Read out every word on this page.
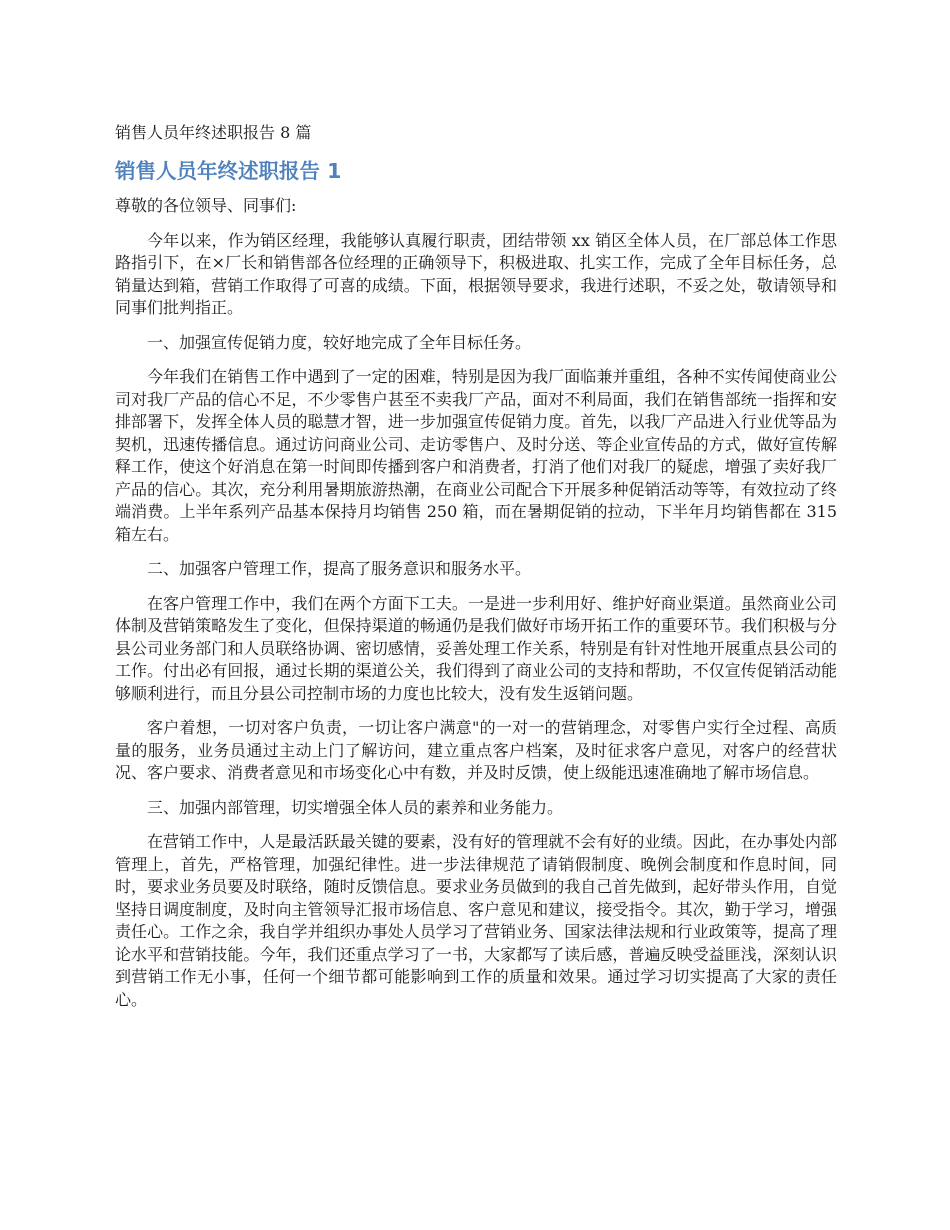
销售人员年终述职报告 8 篇

销售人员年终述职报告 1

尊敬的各位领导、同事们:

今年以来，作为销区经理，我能够认真履行职责，团结带领 xx 销区全体人员，在厂部总体工作思路指引下，在×厂长和销售部各位经理的正确领导下，积极进取、扎实工作，完成了全年目标任务，总销量达到箱，营销工作取得了可喜的成绩。下面，根据领导要求，我进行述职，不妥之处，敬请领导和同事们批判指正。

一、加强宣传促销力度，较好地完成了全年目标任务。

今年我们在销售工作中遇到了一定的困难，特别是因为我厂面临兼并重组，各种不实传闻使商业公司对我厂产品的信心不足，不少零售户甚至不卖我厂产品，面对不利局面，我们在销售部统一指挥和安排部署下，发挥全体人员的聪慧才智，进一步加强宣传促销力度。首先，以我厂产品进入行业优等品为契机，迅速传播信息。通过访问商业公司、走访零售户、及时分送、等企业宣传品的方式，做好宣传解释工作，使这个好消息在第一时间即传播到客户和消费者，打消了他们对我厂的疑虑，增强了卖好我厂产品的信心。其次，充分利用暑期旅游热潮，在商业公司配合下开展多种促销活动等等，有效拉动了终端消费。上半年系列产品基本保持月均销售 250 箱，而在暑期促销的拉动，下半年月均销售都在 315 箱左右。

二、加强客户管理工作，提高了服务意识和服务水平。

在客户管理工作中，我们在两个方面下工夫。一是进一步利用好、维护好商业渠道。虽然商业公司体制及营销策略发生了变化，但保持渠道的畅通仍是我们做好市场开拓工作的重要环节。我们积极与分县公司业务部门和人员联络协调、密切感情，妥善处理工作关系，特别是有针对性地开展重点县公司的工作。付出必有回报，通过长期的渠道公关，我们得到了商业公司的支持和帮助，不仅宣传促销活动能够顺利进行，而且分县公司控制市场的力度也比较大，没有发生返销问题。

客户着想，一切对客户负责，一切让客户满意"的一对一的营销理念，对零售户实行全过程、高质量的服务，业务员通过主动上门了解访问，建立重点客户档案，及时征求客户意见，对客户的经营状况、客户要求、消费者意见和市场变化心中有数，并及时反馈，使上级能迅速准确地了解市场信息。

三、加强内部管理，切实增强全体人员的素养和业务能力。

在营销工作中，人是最活跃最关键的要素，没有好的管理就不会有好的业绩。因此，在办事处内部管理上，首先，严格管理，加强纪律性。进一步法律规范了请销假制度、晚例会制度和作息时间，同时，要求业务员要及时联络，随时反馈信息。要求业务员做到的我自己首先做到，起好带头作用，自觉坚持日调度制度，及时向主管领导汇报市场信息、客户意见和建议，接受指令。其次，勤于学习，增强责任心。工作之余，我自学并组织办事处人员学习了营销业务、国家法律法规和行业政策等，提高了理论水平和营销技能。今年，我们还重点学习了一书，大家都写了读后感，普遍反映受益匪浅，深刻认识到营销工作无小事，任何一个细节都可能影响到工作的质量和效果。通过学习切实提高了大家的责任心。
